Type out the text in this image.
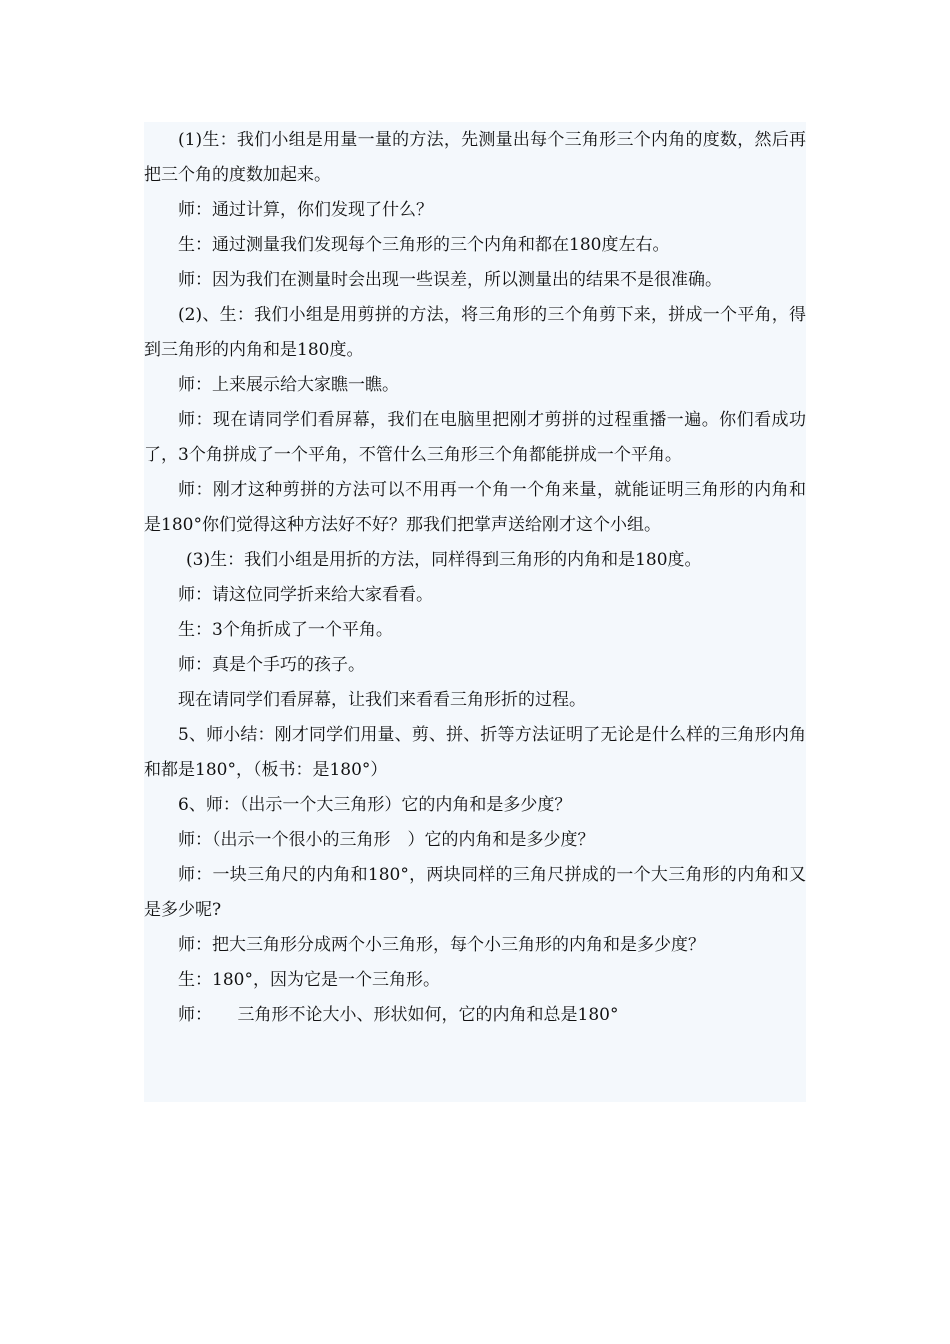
(1)生：我们小组是用量一量的方法，先测量出每个三角形三个内角的度数，然后再把三个角的度数加起来。

师：通过计算，你们发现了什么？

生：通过测量我们发现每个三角形的三个内角和都在180度左右。

师：因为我们在测量时会出现一些误差，所以测量出的结果不是很准确。

(2)、生：我们小组是用剪拼的方法，将三角形的三个角剪下来，拼成一个平角，得到三角形的内角和是180度。

师：上来展示给大家瞧一瞧。

师：现在请同学们看屏幕，我们在电脑里把刚才剪拼的过程重播一遍。你们看成功了，3个角拼成了一个平角，不管什么三角形三个角都能拼成一个平角。

师：刚才这种剪拼的方法可以不用再一个角一个角来量，就能证明三角形的内角和是180°你们觉得这种方法好不好？那我们把掌声送给刚才这个小组。

(3)生：我们小组是用折的方法，同样得到三角形的内角和是180度。

师：请这位同学折来给大家看看。

生：3个角折成了一个平角。

师：真是个手巧的孩子。

现在请同学们看屏幕，让我们来看看三角形折的过程。

5、师小结：刚才同学们用量、剪、拼、折等方法证明了无论是什么样的三角形内角和都是180°，（板书：是180°）

6、师：（出示一个大三角形）它的内角和是多少度？

师：（出示一个很小的三角形　）它的内角和是多少度？

师：一块三角尺的内角和180°，两块同样的三角尺拼成的一个大三角形的内角和又是多少呢?

师：把大三角形分成两个小三角形，每个小三角形的内角和是多少度？

生：180°，因为它是一个三角形。

师：　　三角形不论大小、形状如何，它的内角和总是180°
